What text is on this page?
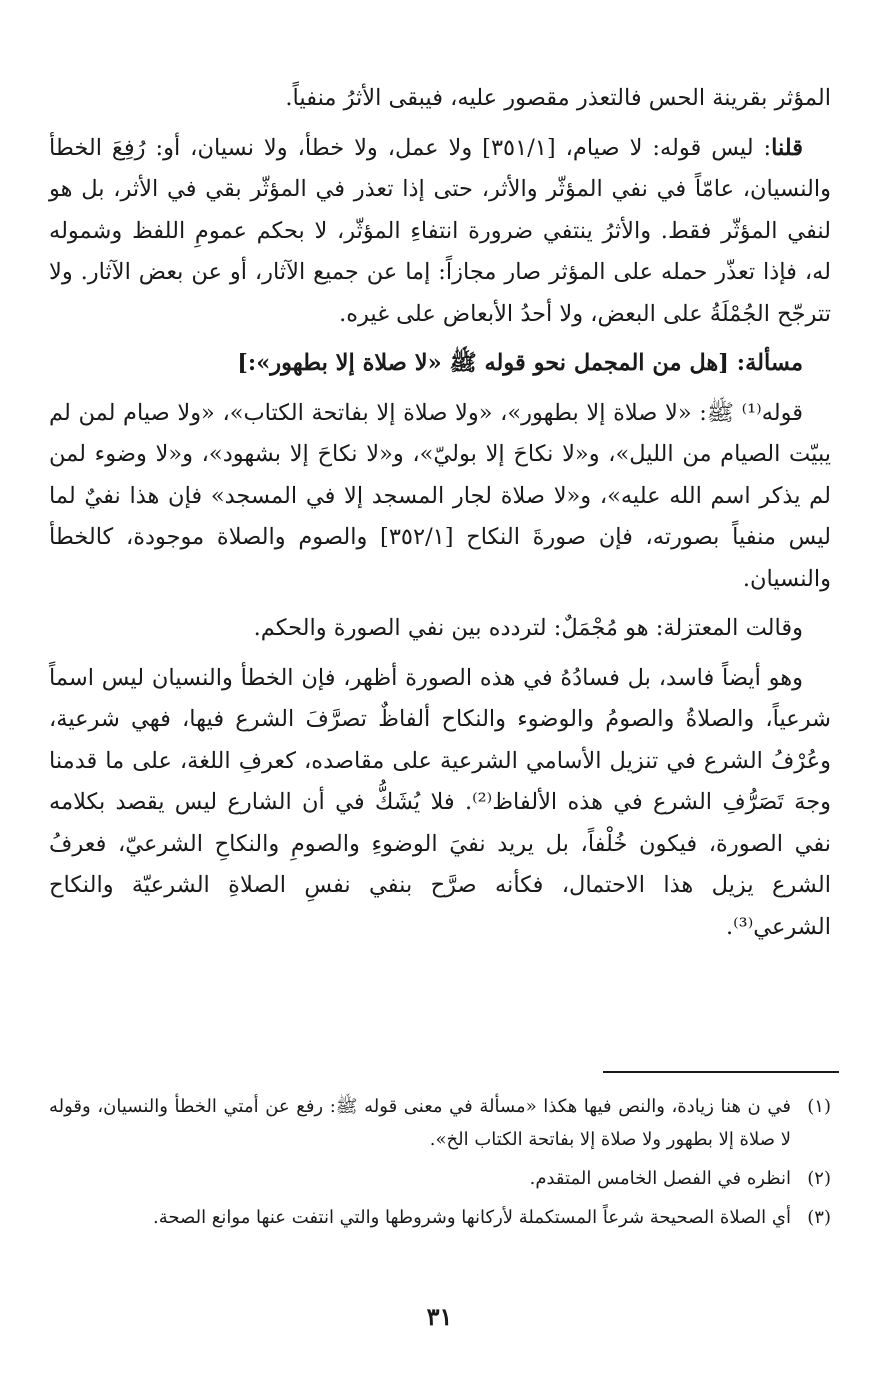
المؤثر بقرينة الحس فالتعذر مقصور عليه، فيبقى الأثرُ منفياً.

قلنا: ليس قوله: لا صيام، [٣٥١/١] ولا عمل، ولا خطأ، ولا نسيان، أو: رُفِعَ الخطأ والنسيان، عامّاً في نفي المؤثّر والأثر، حتى إذا تعذر في المؤثّر بقي في الأثر، بل هو لنفي المؤثّر فقط. والأثرُ ينتفي ضرورة انتفاءِ المؤثّر، لا بحكم عمومِ اللفظ وشموله له، فإذا تعذّر حمله على المؤثر صار مجازاً: إما عن جميع الآثار، أو عن بعض الآثار. ولا تترجّح الجُمْلَةُ على البعض، ولا أحدُ الأبعاض على غيره.

مسألة: [هل من المجمل نحو قوله ﷺ «لا صلاة إلا بطهور»:]

قوله⁽¹⁾ ﷺ: «لا صلاة إلا بطهور»، «ولا صلاة إلا بفاتحة الكتاب»، «ولا صيام لمن لم يبيّت الصيام من الليل»، و«لا نكاحَ إلا بوليّ»، و«لا نكاحَ إلا بشهود»، و«لا وضوء لمن لم يذكر اسم الله عليه»، و«لا صلاة لجار المسجد إلا في المسجد» فإن هذا نفيٌ لما ليس منفياً بصورته، فإن صورةَ النكاح [٣٥٢/١] والصوم والصلاة موجودة، كالخطأ والنسيان.

وقالت المعتزلة: هو مُجْمَلٌ: لتردده بين نفي الصورة والحكم.

وهو أيضاً فاسد، بل فسادُهُ في هذه الصورة أظهر، فإن الخطأ والنسيان ليس اسماً شرعياً، والصلاةُ والصومُ والوضوء والنكاح ألفاظٌ تصرَّفَ الشرع فيها، فهي شرعية، وعُرْفُ الشرع في تنزيل الأسامي الشرعية على مقاصده، كعرفِ اللغة، على ما قدمنا وجهَ تَصَرُّفِ الشرع في هذه الألفاظ⁽²⁾. فلا يُشَكُّ في أن الشارع ليس يقصد بكلامه نفي الصورة، فيكون خُلْفاً، بل يريد نفيَ الوضوءِ والصومِ والنكاحِ الشرعيّ، فعرفُ الشرع يزيل هذا الاحتمال، فكأنه صرَّح بنفي نفسِ الصلاةِ الشرعيّة والنكاح الشرعي⁽³⁾.

(١)
في ن هنا زيادة، والنص فيها هكذا «مسألة في معنى قوله ﷺ: رفع عن أمتي الخطأ والنسيان، وقوله لا صلاة إلا بطهور ولا صلاة إلا بفاتحة الكتاب الخ».
(٢)
انظره في الفصل الخامس المتقدم.
(٣)
أي الصلاة الصحيحة شرعاً المستكملة لأركانها وشروطها والتي انتفت عنها موانع الصحة.
٣١
